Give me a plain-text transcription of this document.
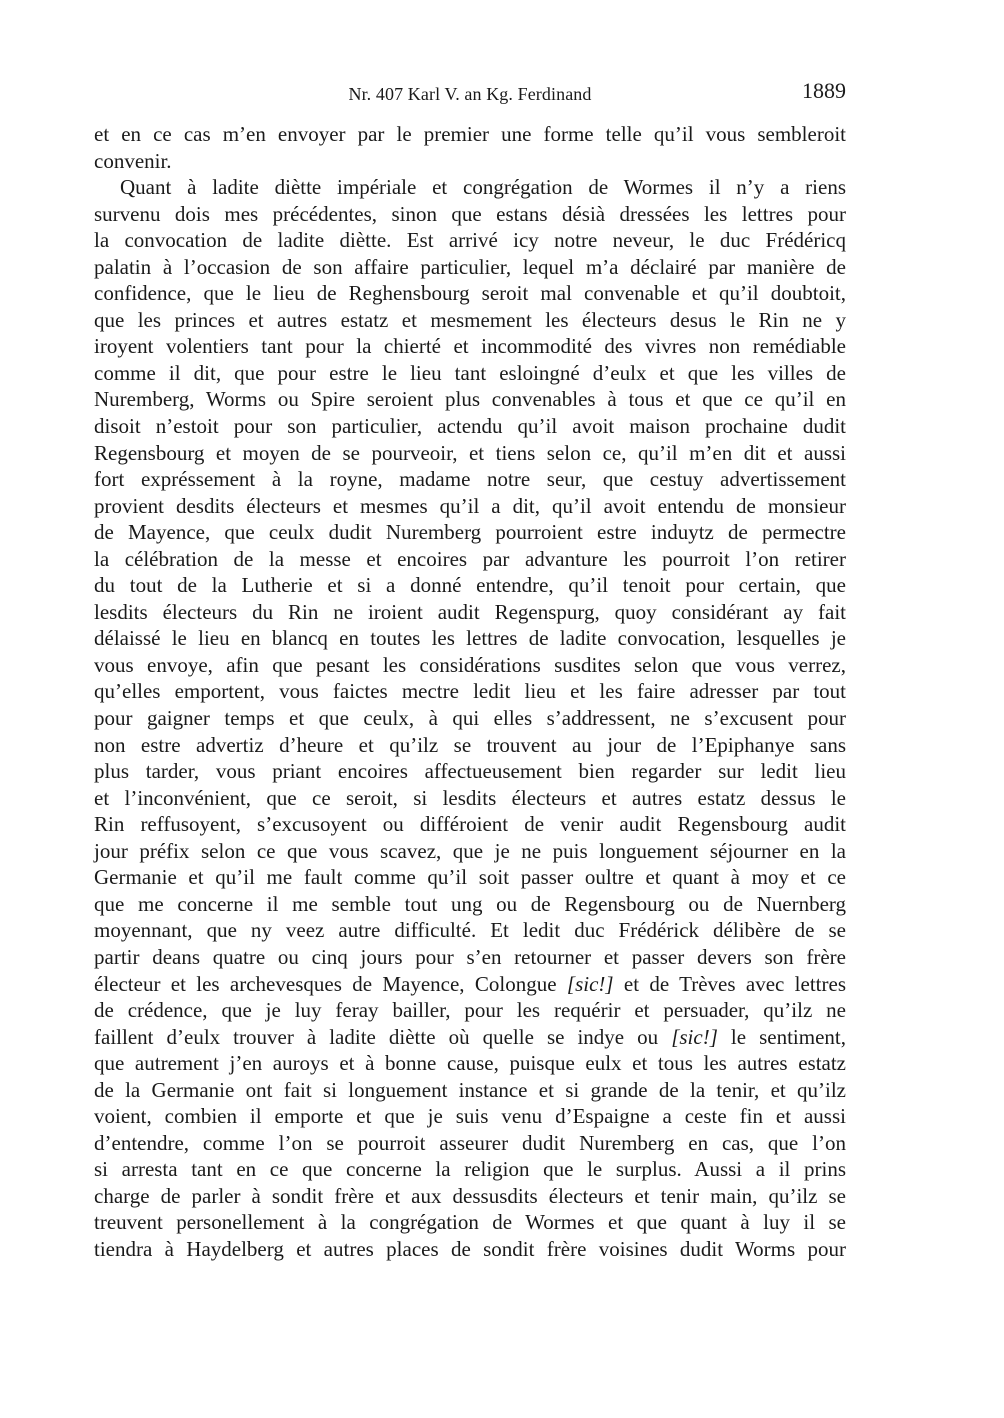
Nr. 407 Karl V. an Kg. Ferdinand	1889

et en ce cas m’en envoyer par le premier une forme telle qu’il vous sembleroit
convenir.

Quant à ladite diètte impériale et congrégation de Wormes il n’y a riens
survenu dois mes précédentes, sinon que estans désià dressées les lettres pour
la convocation de ladite diètte. Est arrivé icy notre neveur, le duc Frédéricq
palatin à l’occasion de son affaire particulier, lequel m’a déclairé par manière de
confidence, que le lieu de Reghensbourg seroit mal convenable et qu’il doubtoit,
que les princes et autres estatz et mesmement les électeurs desus le Rin ne y
iroyent volentiers tant pour la chierté et incommodité des vivres non remédiable
comme il dit, que pour estre le lieu tant esloingné d’eulx et que les villes de
Nuremberg, Worms ou Spire seroient plus convenables à tous et que ce qu’il en
disoit n’estoit pour son particulier, actendu qu’il avoit maison prochaine dudit
Regensbourg et moyen de se pourveoir, et tiens selon ce, qu’il m’en dit et aussi
fort expréssement à la royne, madame notre seur, que cestuy advertissement
provient desdits électeurs et mesmes qu’il a dit, qu’il avoit entendu de monsieur
de Mayence, que ceulx dudit Nuremberg pourroient estre induytz de permectre
la célébration de la messe et encoires par advanture les pourroit l’on retirer
du tout de la Lutherie et si a donné entendre, qu’il tenoit pour certain, que
lesdits électeurs du Rin ne iroient audit Regenspurg, quoy considérant ay fait
délaissé le lieu en blancq en toutes les lettres de ladite convocation, lesquelles je
vous envoye, afin que pesant les considérations susdites selon que vous verrez,
qu’elles emportent, vous faictes mectre ledit lieu et les faire adresser par tout
pour gaigner temps et que ceulx, à qui elles s’addressent, ne s’excusent pour
non estre advertiz d’heure et qu’ilz se trouvent au jour de l’Epiphanye sans
plus tarder, vous priant encoires affectueusement bien regarder sur ledit lieu
et l’inconvénient, que ce seroit, si lesdits électeurs et autres estatz dessus le
Rin reffusoyent, s’excusoyent ou différoient de venir audit Regensbourg audit
jour préfix selon ce que vous scavez, que je ne puis longuement séjourner en la
Germanie et qu’il me fault comme qu’il soit passer oultre et quant à moy et ce
que me concerne il me semble tout ung ou de Regensbourg ou de Nuernberg
moyennant, que ny veez autre difficulté. Et ledit duc Frédérick délibère de se
partir deans quatre ou cinq jours pour s’en retourner et passer devers son frère
électeur et les archevesques de Mayence, Colongue [sic!] et de Trèves avec lettres
de crédence, que je luy feray bailler, pour les requérir et persuader, qu’ilz ne
faillent d’eulx trouver à ladite diètte où quelle se indye ou [sic!] le sentiment,
que autrement j’en auroys et à bonne cause, puisque eulx et tous les autres estatz
de la Germanie ont fait si longuement instance et si grande de la tenir, et qu’ilz
voient, combien il emporte et que je suis venu d’Espaigne a ceste fin et aussi
d’entendre, comme l’on se pourroit asseurer dudit Nuremberg en cas, que l’on
si arresta tant en ce que concerne la religion que le surplus. Aussi a il prins
charge de parler à sondit frère et aux dessusdits électeurs et tenir main, qu’ilz se
treuvent personellement à la congrégation de Wormes et que quant à luy il se
tiendra à Haydelberg et autres places de sondit frère voisines dudit Worms pour
